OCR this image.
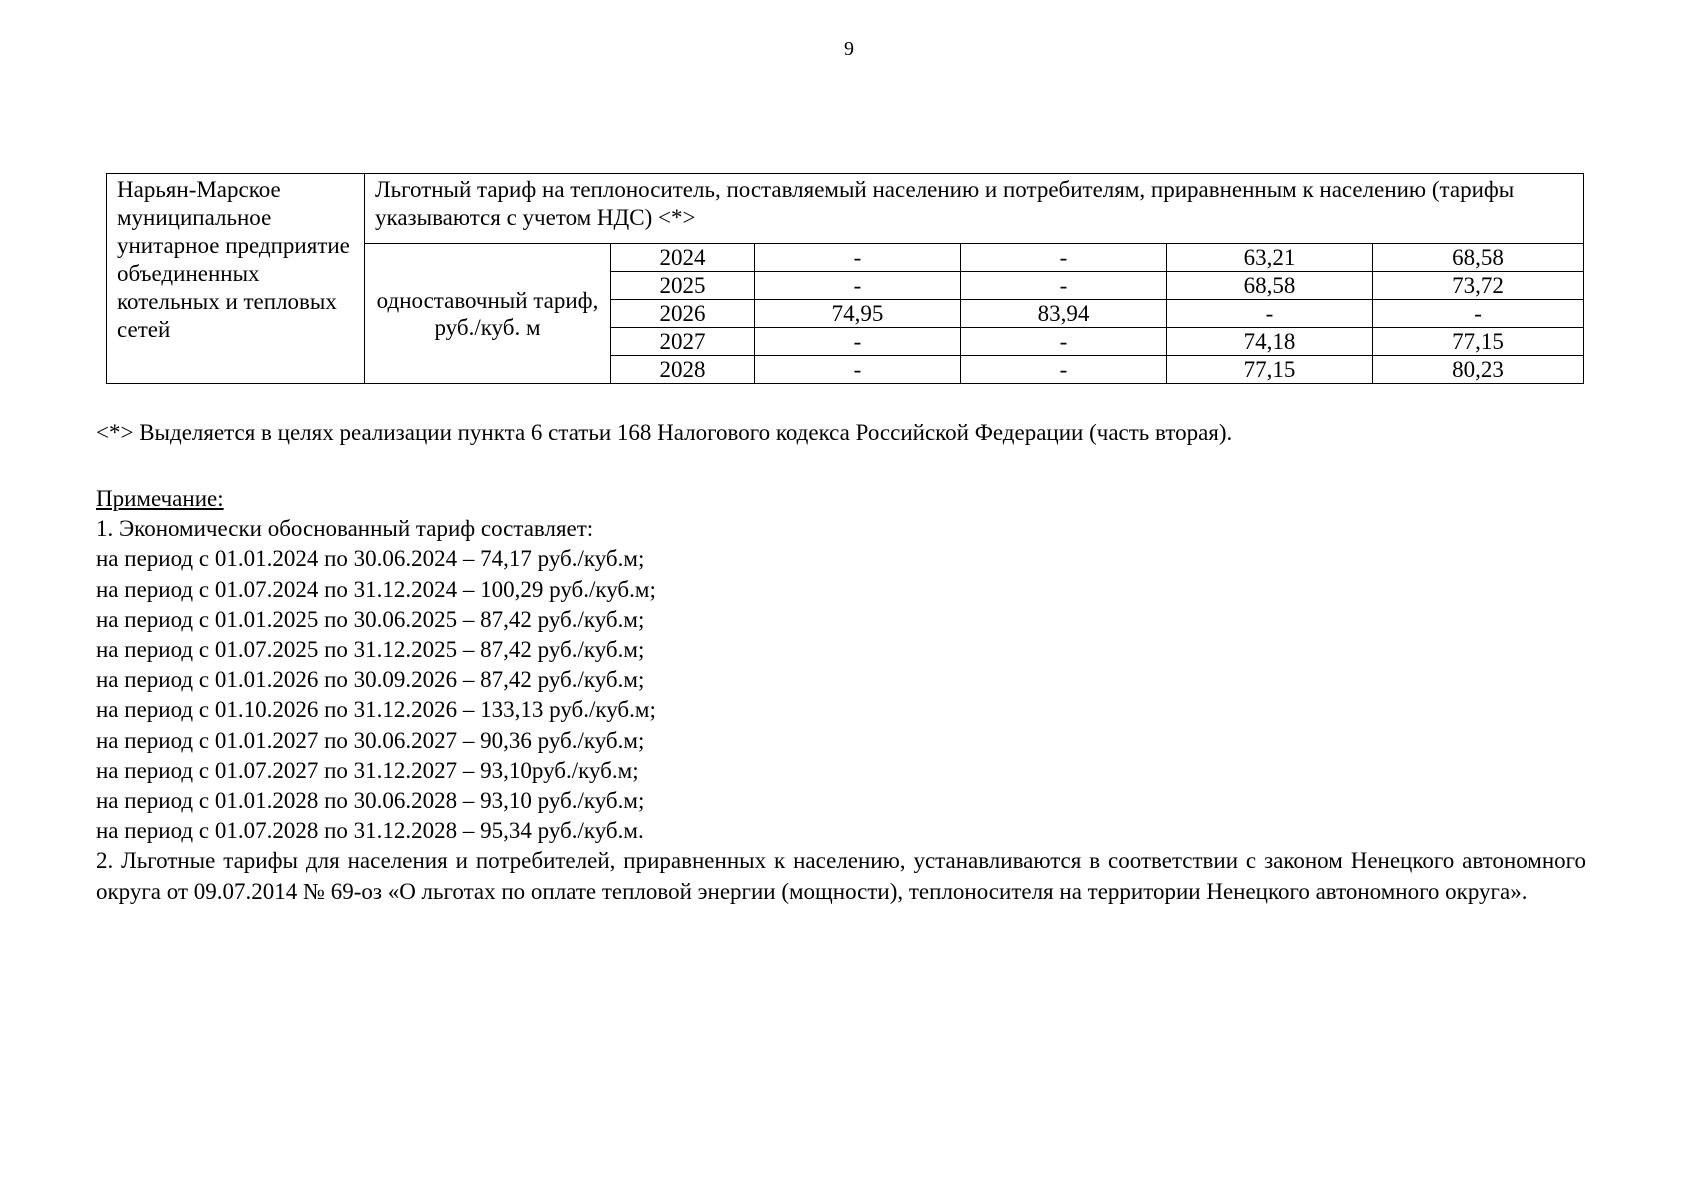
9
Нарьян-Марское муниципальное унитарное предприятие объединенных котельных и тепловых сетей	Льготный тариф на теплоноситель, поставляемый населению и потребителям, приравненным к населению (тарифы указываются с учетом НДС) <*>					
	одноставочный тариф, руб./куб. м	2024	-	-	63,21	68,58
		2025	-	-	68,58	73,72
		2026	74,95	83,94	-	-
		2027	-	-	74,18	77,15
		2028	-	-	77,15	80,23
<*> Выделяется в целях реализации пункта 6 статьи 168 Налогового кодекса Российской Федерации (часть вторая).
Примечание:
1. Экономически обоснованный тариф составляет:
на период с 01.01.2024 по 30.06.2024 – 74,17 руб./куб.м;
на период с 01.07.2024 по 31.12.2024 – 100,29 руб./куб.м;
на период с 01.01.2025 по 30.06.2025 – 87,42 руб./куб.м;
на период с 01.07.2025 по 31.12.2025 – 87,42 руб./куб.м;
на период с 01.01.2026 по 30.09.2026 – 87,42 руб./куб.м;
на период с 01.10.2026 по 31.12.2026 – 133,13 руб./куб.м;
на период с 01.01.2027 по 30.06.2027 – 90,36 руб./куб.м;
на период с 01.07.2027 по 31.12.2027 – 93,10руб./куб.м;
на период с 01.01.2028 по 30.06.2028 – 93,10 руб./куб.м;
на период с 01.07.2028 по 31.12.2028 – 95,34 руб./куб.м.
2. Льготные тарифы для населения и потребителей, приравненных к населению, устанавливаются в соответствии с законом Ненецкого автономного округа от 09.07.2014 № 69-оз «О льготах по оплате тепловой энергии (мощности), теплоносителя на территории Ненецкого автономного округа».
